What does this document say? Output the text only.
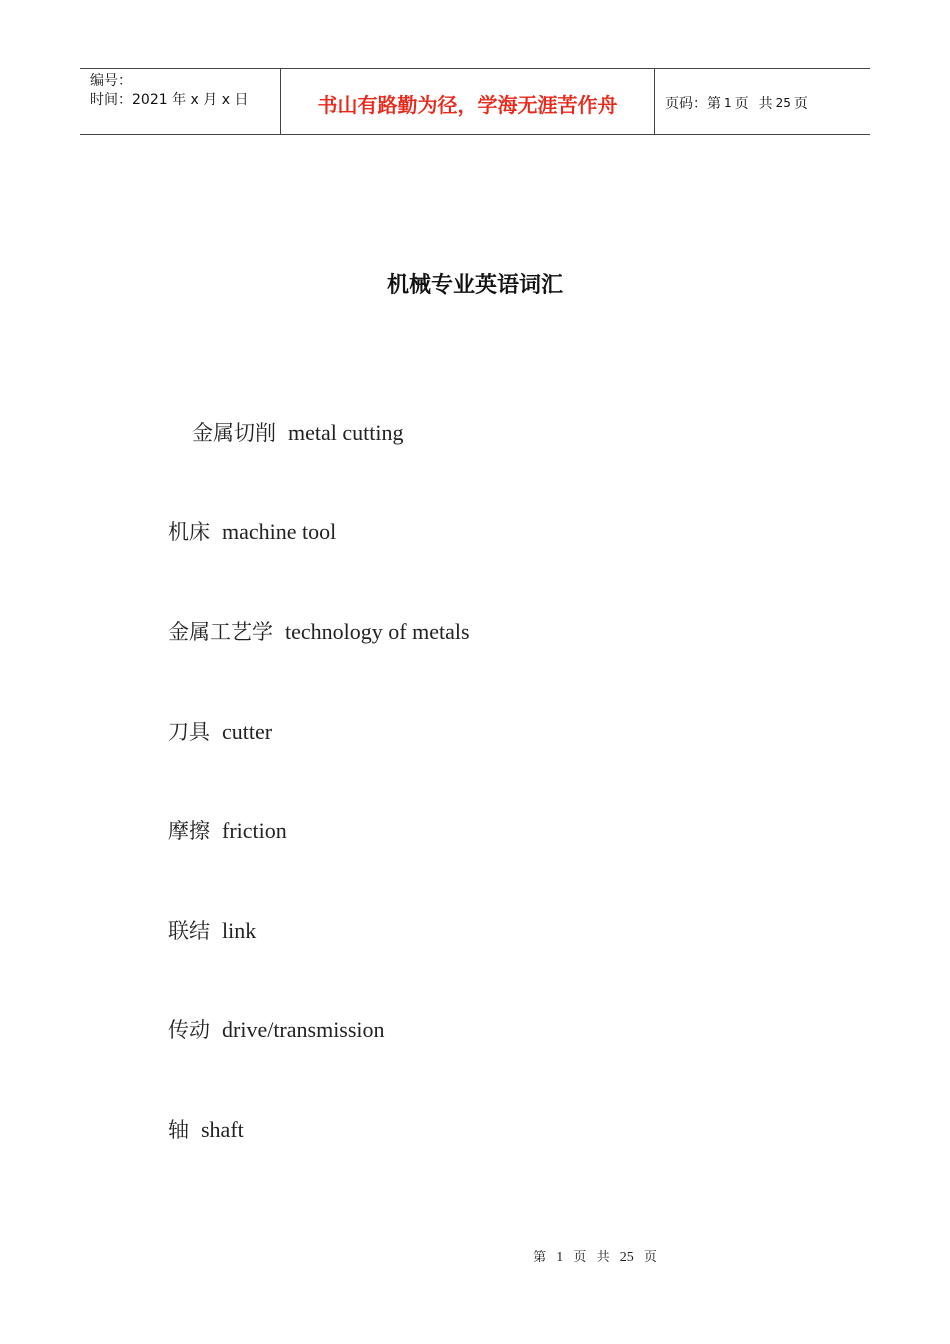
编号：
时间：2021 年 x 月 x 日	书山有路勤为径，学海无涯苦作舟	页码：第 1 页 共 25 页
机械专业英语词汇
金属切削 metal cutting
机床 machine tool
金属工艺学 technology of metals
刀具 cutter
摩擦 friction
联结 link
传动 drive/transmission
轴 shaft
第 1 页 共 25 页
